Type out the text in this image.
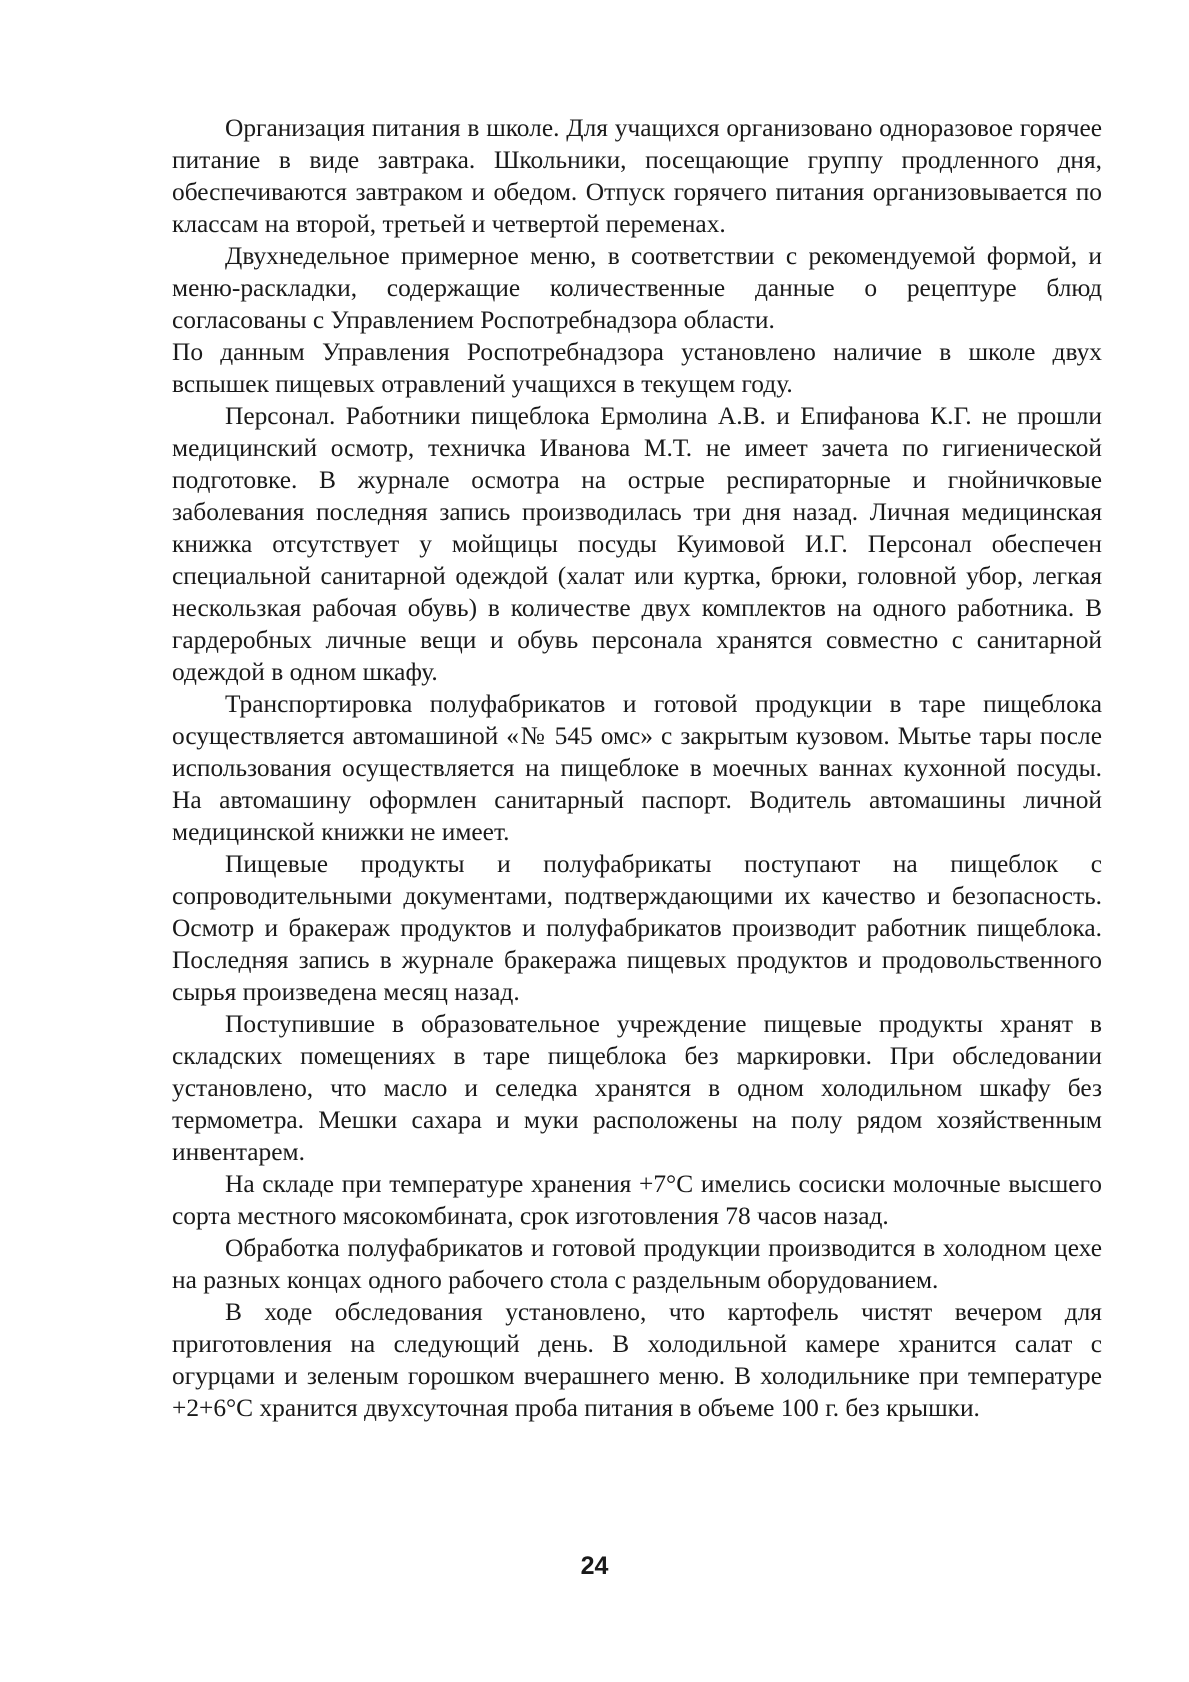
Организация питания в школе. Для учащихся организовано одноразовое горячее питание в виде завтрака. Школьники, посещающие группу продленного дня, обеспечиваются завтраком и обедом. Отпуск горячего питания организовывается по классам на второй, третьей и четвертой переменах.

Двухнедельное примерное меню, в соответствии с рекомендуемой формой, и меню-раскладки, содержащие количественные данные о рецептуре блюд согласованы с Управлением Роспотребнадзора области.

По данным Управления Роспотребнадзора установлено наличие в школе двух вспышек пищевых отравлений учащихся в текущем году.

Персонал. Работники пищеблока Ермолина А.В. и Епифанова К.Г. не прошли медицинский осмотр, техничка Иванова М.Т. не имеет зачета по гигиенической подготовке. В журнале осмотра на острые респираторные и гнойничковые заболевания последняя запись производилась три дня назад. Личная медицинская книжка отсутствует у мойщицы посуды Куимовой И.Г. Персонал обеспечен специальной санитарной одеждой (халат или куртка, брюки, головной убор, легкая нескользкая рабочая обувь) в количестве двух комплектов на одного работника. В гардеробных личные вещи и обувь персонала хранятся совместно с санитарной одеждой в одном шкафу.

Транспортировка полуфабрикатов и готовой продукции в таре пищеблока осуществляется автомашиной «№ 545 омс» с закрытым кузовом. Мытье тары после использования осуществляется на пищеблоке в моечных ваннах кухонной посуды. На автомашину оформлен санитарный паспорт. Водитель автомашины личной медицинской книжки не имеет.

Пищевые продукты и полуфабрикаты поступают на пищеблок с сопроводительными документами, подтверждающими их качество и безопасность. Осмотр и бракераж продуктов и полуфабрикатов производит работник пищеблока. Последняя запись в журнале бракеража пищевых продуктов и продовольственного сырья произведена месяц назад.

Поступившие в образовательное учреждение пищевые продукты хранят в складских помещениях в таре пищеблока без маркировки. При обследовании установлено, что масло и селедка хранятся в одном холодильном шкафу без термометра. Мешки сахара и муки расположены на полу рядом хозяйственным инвентарем.

На складе при температуре хранения +7°С имелись сосиски молочные высшего сорта местного мясокомбината, срок изготовления 78 часов назад.

Обработка полуфабрикатов и готовой продукции производится в холодном цехе на разных концах одного рабочего стола с раздельным оборудованием.

В ходе обследования установлено, что картофель чистят вечером для приготовления на следующий день. В холодильной камере хранится салат с огурцами и зеленым горошком вчерашнего меню. В холодильнике при температуре +2+6°С хранится двухсуточная проба питания в объеме 100 г. без крышки.

24
